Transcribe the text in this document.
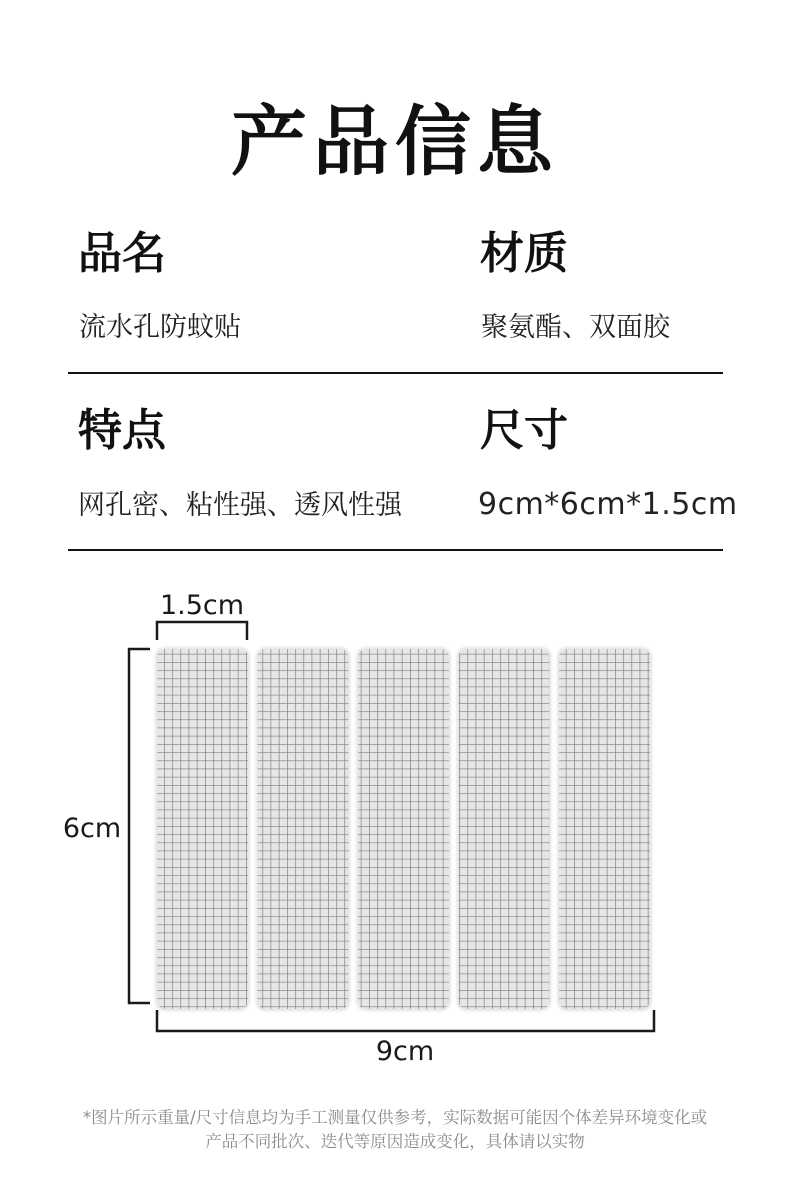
产品信息
品名
流水孔防蚊贴
材质
聚氨酯、双面胶
特点
网孔密、粘性强、透风性强
尺寸
9cm*6cm*1.5cm
1.5cm
6cm
9cm
*图片所示重量/尺寸信息均为手工测量仅供参考，实际数据可能因个体差异环境变化或
产品不同批次、迭代等原因造成变化，具体请以实物
